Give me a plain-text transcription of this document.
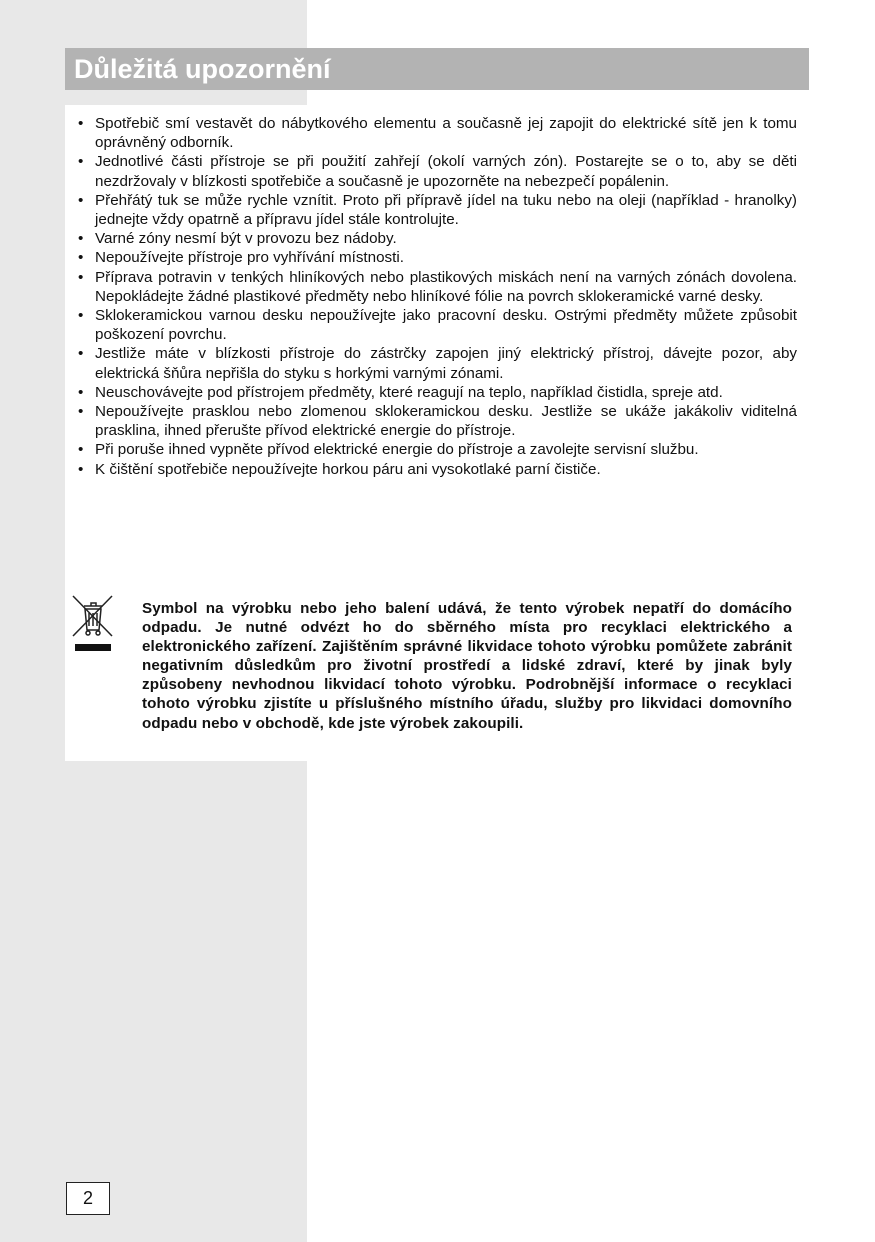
Důležitá upozornění
• Spotřebič smí vestavět do nábytkového elementu a současně jej zapojit do elektrické sítě jen k tomu oprávněný odborník.
• Jednotlivé části přístroje se při použití zahřejí (okolí varných zón). Postarejte se o to, aby se děti nezdržovaly v blízkosti spotřebiče a současně je upozorněte na nebezpečí popálenin.
• Přehřátý tuk se může rychle vznítit. Proto při přípravě jídel na tuku nebo na oleji (například - hranolky) jednejte vždy opatrně a přípravu jídel stále kontrolujte.
• Varné zóny nesmí být v provozu bez nádoby.
• Nepoužívejte přístroje pro vyhřívání místnosti.
• Příprava potravin v tenkých hliníkových nebo plastikových miskách není na varných zónách dovolena. Nepokládejte žádné plastikové předměty nebo hliníkové fólie na povrch sklokeramické varné desky.
• Sklokeramickou varnou desku nepoužívejte jako pracovní desku. Ostrými předměty můžete způsobit poškození povrchu.
• Jestliže máte v blízkosti přístroje do zástrčky zapojen jiný elektrický přístroj, dávejte pozor, aby elektrická šňůra nepřišla do styku s horkými varnými zónami.
• Neuschovávejte pod přístrojem předměty, které reagují na teplo, například čistidla, spreje atd.
• Nepoužívejte prasklou nebo zlomenou sklokeramickou desku. Jestliže se ukáže jakákoliv viditelná prasklina, ihned přerušte přívod elektrické energie do přístroje.
• Při poruše ihned vypněte přívod elektrické energie do přístroje a zavolejte servisní službu.
• K čištění spotřebiče nepoužívejte horkou páru ani vysokotlaké parní čističe.

Symbol na výrobku nebo jeho balení udává, že tento výrobek nepatří do domácího odpadu. Je nutné odvézt ho do sběrného místa pro recyklaci elektrického a elektronického zařízení. Zajištěním správné likvidace tohoto výrobku pomůžete zabránit negativním důsledkům pro životní prostředí a lidské zdraví, které by jinak byly způsobeny nevhodnou likvidací tohoto výrobku. Podrobnější informace o recyklaci tohoto výrobku zjistíte u příslušného místního úřadu, služby pro likvidaci domovního odpadu nebo v obchodě, kde jste výrobek zakoupili.

2
